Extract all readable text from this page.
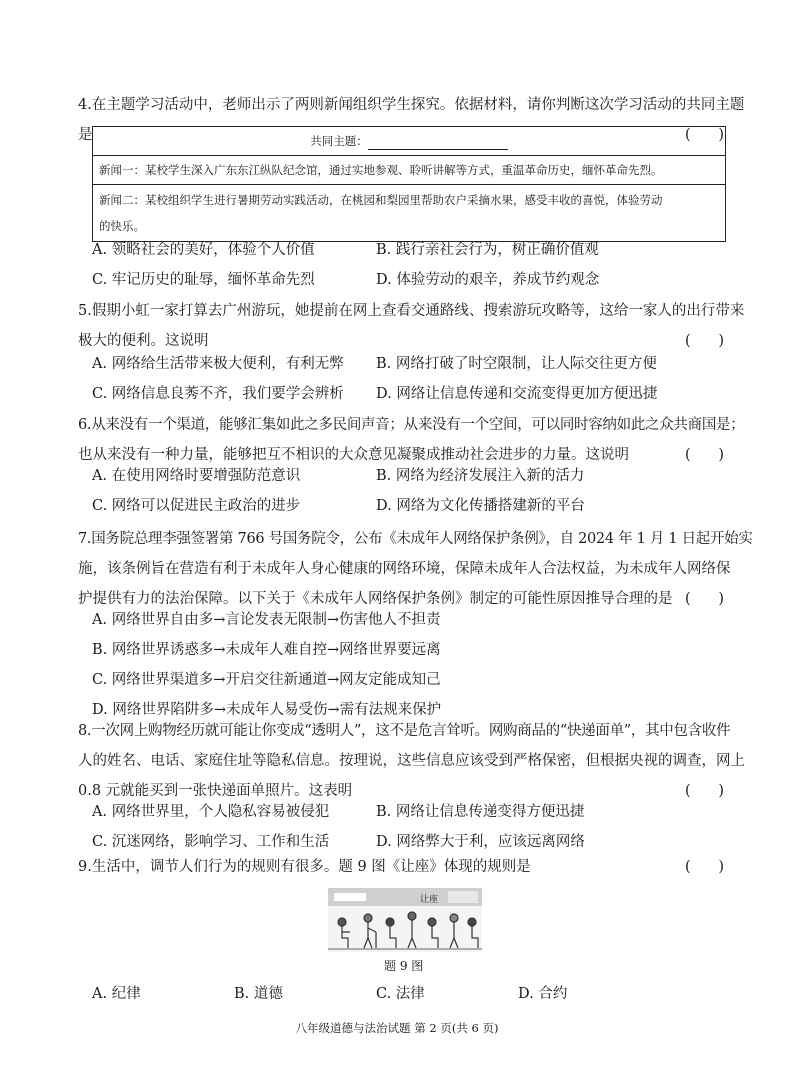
4.在主题学习活动中，老师出示了两则新闻组织学生探究。依据材料，请你判断这次学习活动的共同主题
是	(      )
共同主题：
新闻一：某校学生深入广东东江纵队纪念馆，通过实地参观、聆听讲解等方式，重温革命历史，缅怀革命先烈。
新闻二：某校组织学生进行暑期劳动实践活动，在桃园和梨园里帮助农户采摘水果，感受丰收的喜悦，体验劳动
的快乐。
A. 领略社会的美好，体验个人价值	B. 践行亲社会行为，树正确价值观
C. 牢记历史的耻辱，缅怀革命先烈	D. 体验劳动的艰辛，养成节约观念
5.假期小虹一家打算去广州游玩，她提前在网上查看交通路线、搜索游玩攻略等，这给一家人的出行带来
极大的便利。这说明	(      )
A. 网络给生活带来极大便利，有利无弊 B. 网络打破了时空限制，让人际交往更方便
C. 网络信息良莠不齐，我们要学会辨析 D. 网络让信息传递和交流变得更加方便迅捷
6.从来没有一个渠道，能够汇集如此之多民间声音；从来没有一个空间，可以同时容纳如此之众共商国是；
也从来没有一种力量，能够把互不相识的大众意见凝聚成推动社会进步的力量。这说明	(      )
A. 在使用网络时要增强防范意识	B. 网络为经济发展注入新的活力
C. 网络可以促进民主政治的进步	D. 网络为文化传播搭建新的平台
7.国务院总理李强签署第 766 号国务院令，公布《未成年人网络保护条例》，自 2024 年 1 月 1 日起开始实
施，该条例旨在营造有利于未成年人身心健康的网络环境，保障未成年人合法权益，为未成年人网络保
护提供有力的法治保障。以下关于《未成年人网络保护条例》制定的可能性原因推导合理的是 (      )
A. 网络世界自由多→言论发表无限制→伤害他人不担责
B. 网络世界诱惑多→未成年人难自控→网络世界要远离
C. 网络世界渠道多→开启交往新通道→网友定能成知己
D. 网络世界陷阱多→未成年人易受伤→需有法规来保护
8.一次网上购物经历就可能让你变成“透明人”，这不是危言耸听。网购商品的“快递面单”，其中包含收件
人的姓名、电话、家庭住址等隐私信息。按理说，这些信息应该受到严格保密，但根据央视的调查，网上
0.8 元就能买到一张快递面单照片。这表明	(      )
A. 网络世界里，个人隐私容易被侵犯	B. 网络让信息传递变得方便迅捷
C. 沉迷网络，影响学习、工作和生活	D. 网络弊大于利，应该远离网络
9.生活中，调节人们行为的规则有很多。题 9 图《让座》体现的规则是	(      )
让座
题 9 图
A. 纪律	B. 道德	C. 法律	D. 合约
八年级道德与法治试题 第 2 页(共 6 页)
